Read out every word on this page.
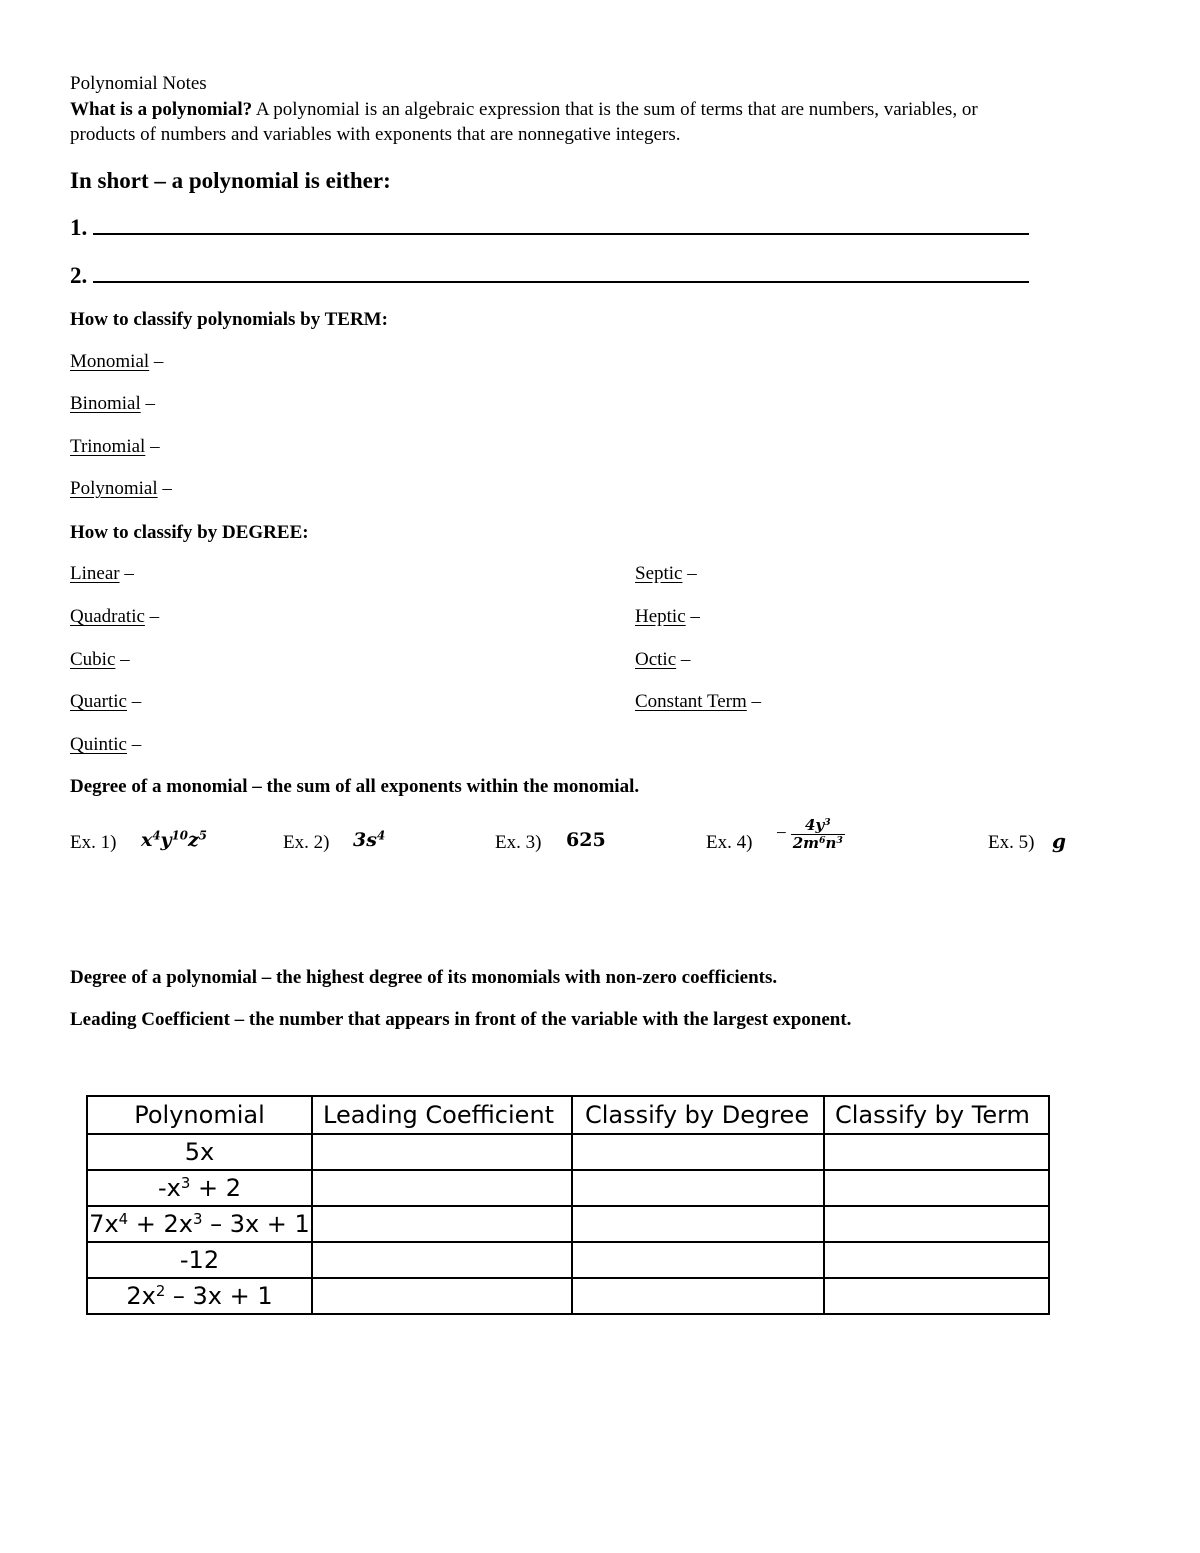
Polynomial Notes
What is a polynomial? A polynomial is an algebraic expression that is the sum of terms that are numbers, variables, or
products of numbers and variables with exponents that are nonnegative integers.
In short – a polynomial is either:
1.
2.
How to classify polynomials by TERM:
Monomial –
Binomial –
Trinomial –
Polynomial –
How to classify by DEGREE:
Linear –
Quadratic –
Cubic –
Quartic –
Quintic –
Septic –
Heptic –
Octic –
Constant Term –
Degree of a monomial – the sum of all exponents within the monomial.
Ex. 1) $x^4y^{10}z^5$	Ex. 2) $3s^4$	Ex. 3) 625	Ex. $4) - \frac{4y^3}{2m^6n^3}$	Ex. 5) g
Degree of a polynomial – the highest degree of its monomials with non-zero coefficients.
Leading Coefficient – the number that appears in front of the variable with the largest exponent.
Polynomial	Leading Coefficient	Classify by Degree	Classify by Term
5x			
$-x^3 + 2$			
$7x^4 + 2x^3 - 3x + 1$			
-12			
$2x^2 - 3x + 1$			
